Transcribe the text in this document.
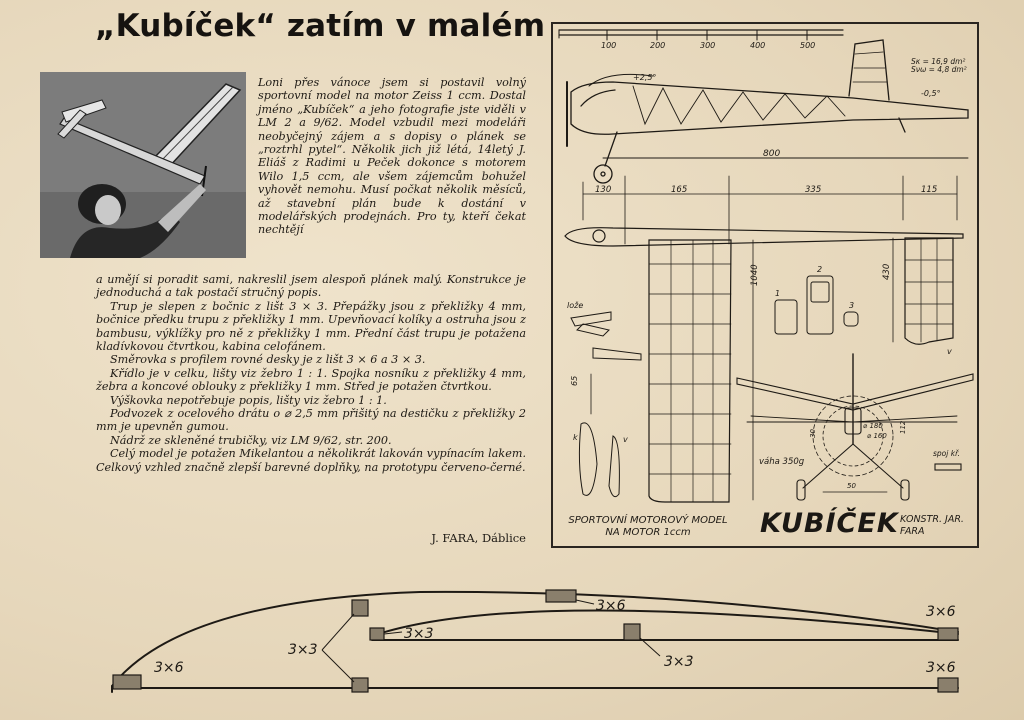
„Kubíček“ zatím v malém
Loni přes vánoce jsem si postavil volný sportovní model na motor Zeiss 1 ccm. Dostal jméno „Kubíček“ a jeho fotografie jste viděli v LM 2 a 9/62. Model vzbudil mezi modeláři neobyčejný zájem a s dopisy o plánek se „roztrhl pytel“. Několik jich již létá, 14letý J. Eliáš z Radimi u Peček dokonce s motorem Wilo 1,5 ccm, ale všem zájemcům bohužel vyhovět nemohu. Musí počkat několik měsíců, až stavební plán bude k dostání v modelářských prodejnách. Pro ty, kteří čekat nechtějí

a umějí si poradit sami, nakreslil jsem alespoň plánek malý. Konstrukce je jednoduchá a tak postačí stručný popis.

Trup je slepen z bočnic z lišt 3 × 3. Přepážky jsou z překližky 4 mm, bočnice předku trupu z překližky 1 mm. Upevňovací kolíky a ostruha jsou z bambusu, výklížky pro ně z překližky 1 mm. Přední část trupu je potažena kladívkovou čtvrtkou, kabina celofánem.

Směrovka s profilem rovné desky je z lišt 3 × 6 a 3 × 3.

Křídlo je v celku, lišty viz žebro 1 : 1. Spojka nosníku z překližky 4 mm, žebra a koncové oblouky z překližky 1 mm. Střed je potažen čtvrtkou.

Výškovka nepotřebuje popis, lišty viz žebro 1 : 1.

Podvozek z ocelového drátu o ⌀ 2,5 mm přišitý na destičku z překližky 2 mm je upevněn gumou.

Nádrž ze skleněné trubičky, viz LM 9/62, str. 200.

Celý model je potažen Mikelantou a několikrát lakován vypínacím lakem. Celkový vzhled značně zlepší barevné doplňky, na prototypu červeno-černé.

J. FARA, Dáblice
100	200	300	400	500
Sκ = 16,9 dm²
Sνω = 4,8 dm²
+2,5°
-0,5°
800
130	165	335	115
1040	430
1
2
3
lože
65
k	v
v
⌀ 180
⌀ 160
112
30
50
váha 350g
spoj kř.
SPORTOVNÍ MOTOROVÝ MODEL NA MOTOR 1ccm	KUBÍČEK KONSTR. JAR. FARA
3×6
3×3
3×6	3×6
3×3
3×3	3×6
